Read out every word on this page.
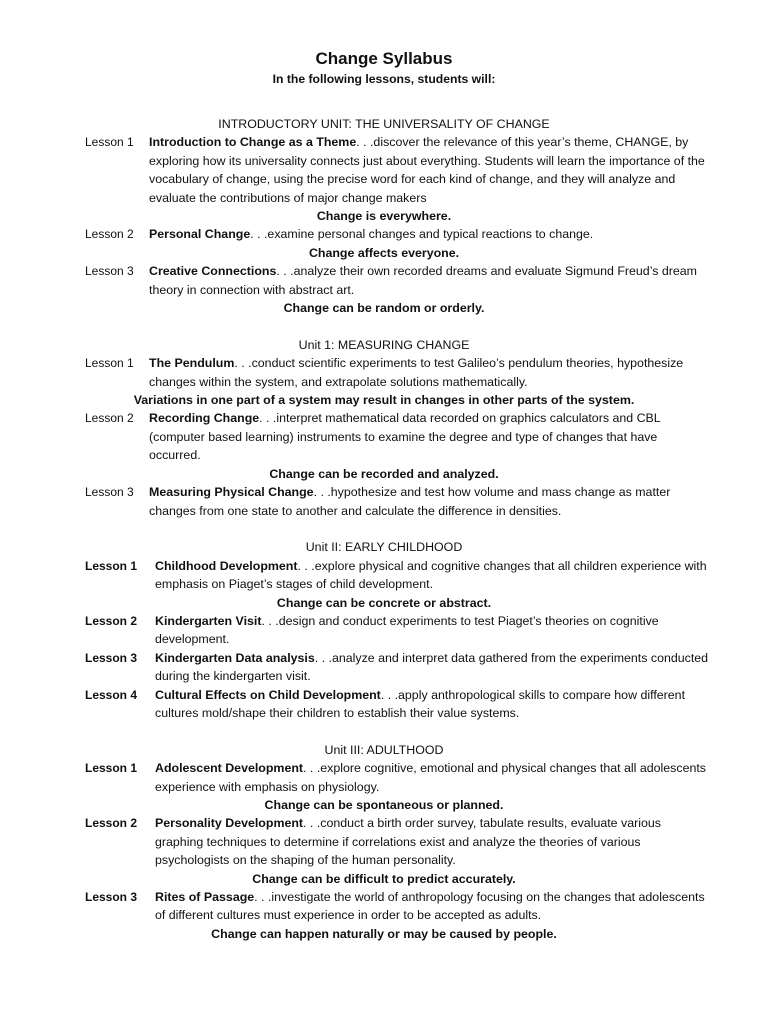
Change Syllabus
In the following lessons, students will:
INTRODUCTORY UNIT: THE UNIVERSALITY OF CHANGE
Lesson 1 Introduction to Change as a Theme. . .discover the relevance of this year’s theme, CHANGE, by exploring how its universality connects just about everything. Students will learn the importance of the vocabulary of change, using the precise word for each kind of change, and they will analyze and evaluate the contributions of major change makers
Change is everywhere.
Lesson 2 Personal Change. . .examine personal changes and typical reactions to change.
Change affects everyone.
Lesson 3 Creative Connections. . .analyze their own recorded dreams and evaluate Sigmund Freud’s dream theory in connection with abstract art.
Change can be random or orderly.
Unit 1: MEASURING CHANGE
Lesson 1 The Pendulum. . .conduct scientific experiments to test Galileo’s pendulum theories, hypothesize changes within the system, and extrapolate solutions mathematically.
Variations in one part of a system may result in changes in other parts of the system.
Lesson 2 Recording Change. . .interpret mathematical data recorded on graphics calculators and CBL (computer based learning) instruments to examine the degree and type of changes that have occurred.
Change can be recorded and analyzed.
Lesson 3 Measuring Physical Change. . .hypothesize and test how volume and mass change as matter changes from one state to another and calculate the difference in densities.
Unit II: EARLY CHILDHOOD
Lesson 1 Childhood Development. . .explore physical and cognitive changes that all children experience with emphasis on Piaget’s stages of child development.
Change can be concrete or abstract.
Lesson 2 Kindergarten Visit. . .design and conduct experiments to test Piaget’s theories on cognitive development.
Lesson 3 Kindergarten Data analysis. . .analyze and interpret data gathered from the experiments conducted during the kindergarten visit.
Lesson 4 Cultural Effects on Child Development. . .apply anthropological skills to compare how different cultures mold/shape their children to establish their value systems.
Unit III: ADULTHOOD
Lesson 1 Adolescent Development. . .explore cognitive, emotional and physical changes that all adolescents experience with emphasis on physiology.
Change can be spontaneous or planned.
Lesson 2 Personality Development. . .conduct a birth order survey, tabulate results, evaluate various graphing techniques to determine if correlations exist and analyze the theories of various psychologists on the shaping of the human personality.
Change can be difficult to predict accurately.
Lesson 3 Rites of Passage. . .investigate the world of anthropology focusing on the changes that adolescents of different cultures must experience in order to be accepted as adults.
Change can happen naturally or may be caused by people.
